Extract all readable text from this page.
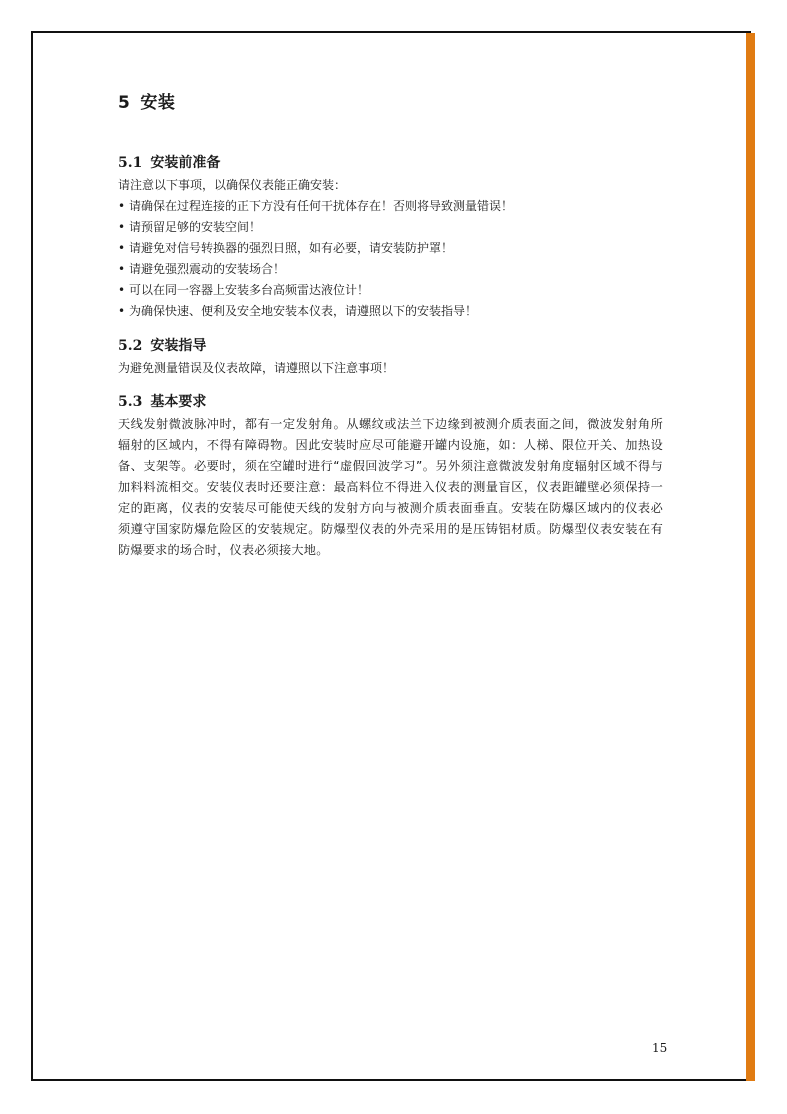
5 安装
5.1 安装前准备

请注意以下事项，以确保仪表能正确安装：

• 请确保在过程连接的正下方没有任何干扰体存在！否则将导致测量错误！
• 请预留足够的安装空间！
• 请避免对信号转换器的强烈日照，如有必要，请安装防护罩！
• 请避免强烈震动的安装场合！
• 可以在同一容器上安装多台高频雷达液位计！
• 为确保快速、便利及安全地安装本仪表，请遵照以下的安装指导！
5.2 安装指导

为避免测量错误及仪表故障，请遵照以下注意事项！

5.3 基本要求

天线发射微波脉冲时，都有一定发射角。从螺纹或法兰下边缘到被测介质表面之间，微波发射角所辐射的区域内，不得有障碍物。因此安装时应尽可能避开罐内设施，如：人梯、限位开关、加热设备、支架等。必要时，须在空罐时进行“虚假回波学习”。另外须注意微波发射角度辐射区域不得与加料料流相交。安装仪表时还要注意：最高料位不得进入仪表的测量盲区，仪表距罐壁必须保持一定的距离，仪表的安装尽可能使天线的发射方向与被测介质表面垂直。安装在防爆区域内的仪表必须遵守国家防爆危险区的安装规定。防爆型仪表的外壳采用的是压铸铝材质。防爆型仪表安装在有防爆要求的场合时，仪表必须接大地。

15
